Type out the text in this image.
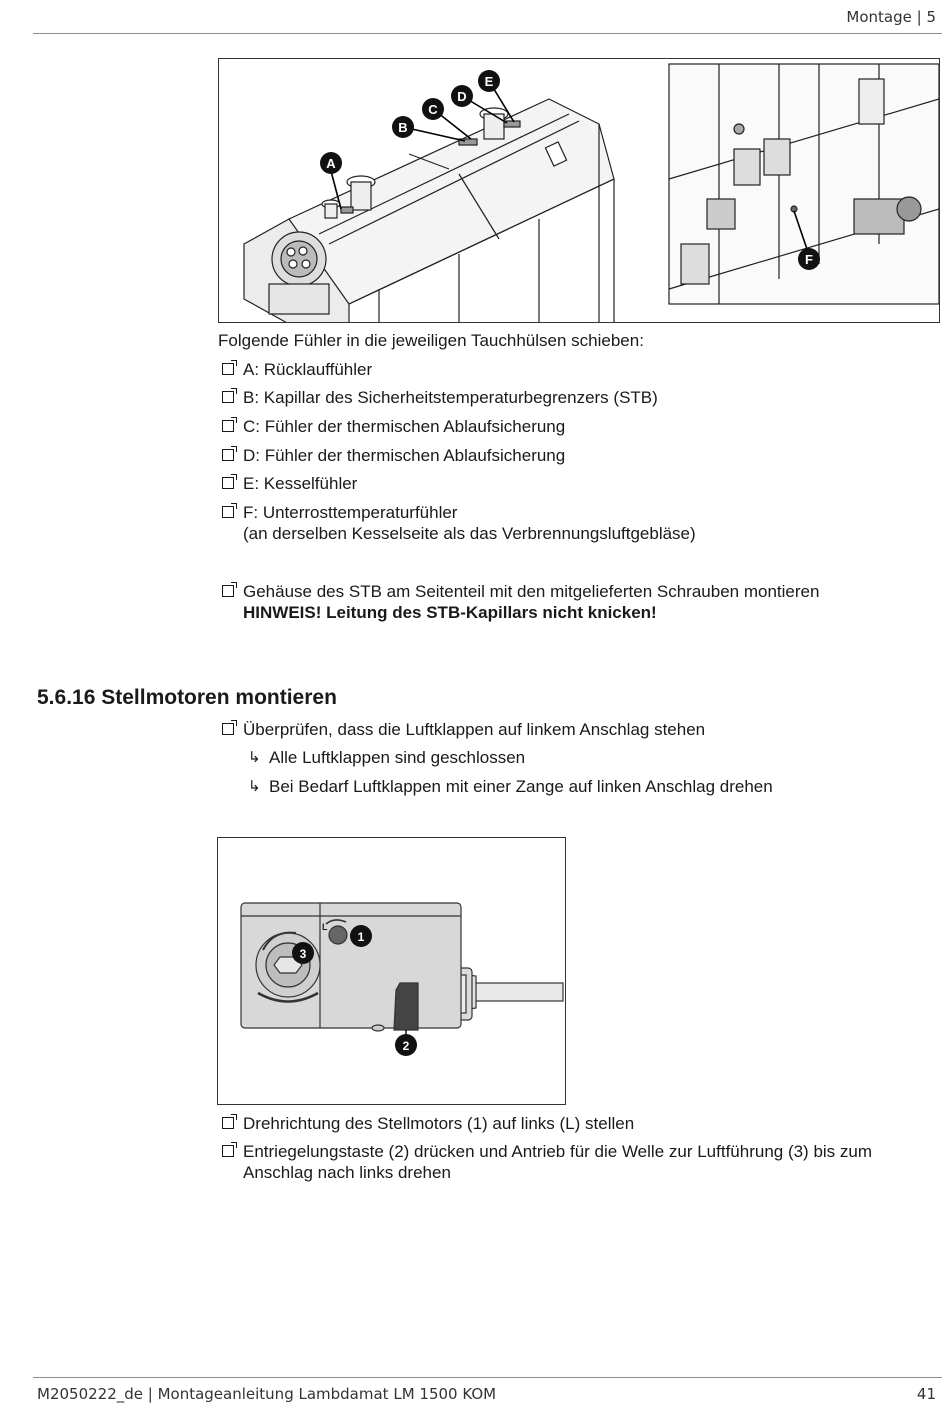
Montage | 5
A
B
C
D
E
F
Folgende Fühler in die jeweiligen Tauchhülsen schieben:
A: Rücklauffühler
B: Kapillar des Sicherheitstemperaturbegrenzers (STB)
C: Fühler der thermischen Ablaufsicherung
D: Fühler der thermischen Ablaufsicherung
E: Kesselfühler
F: Unterrosttemperaturfühler
(an derselben Kesselseite als das Verbrennungsluftgebläse)
Gehäuse des STB am Seitenteil mit den mitgelieferten Schrauben montieren
HINWEIS! Leitung des STB-Kapillars nicht knicken!
5.6.16 Stellmotoren montieren
Überprüfen, dass die Luftklappen auf linkem Anschlag stehen
↳ Alle Luftklappen sind geschlossen
↳ Bei Bedarf Luftklappen mit einer Zange auf linken Anschlag drehen
L
1
2
3
Drehrichtung des Stellmotors (1) auf links (L) stellen
Entriegelungstaste (2) drücken und Antrieb für die Welle zur Luftführung (3) bis zum
Anschlag nach links drehen
M2050222_de | Montageanleitung Lambdamat LM 1500 KOM	41
